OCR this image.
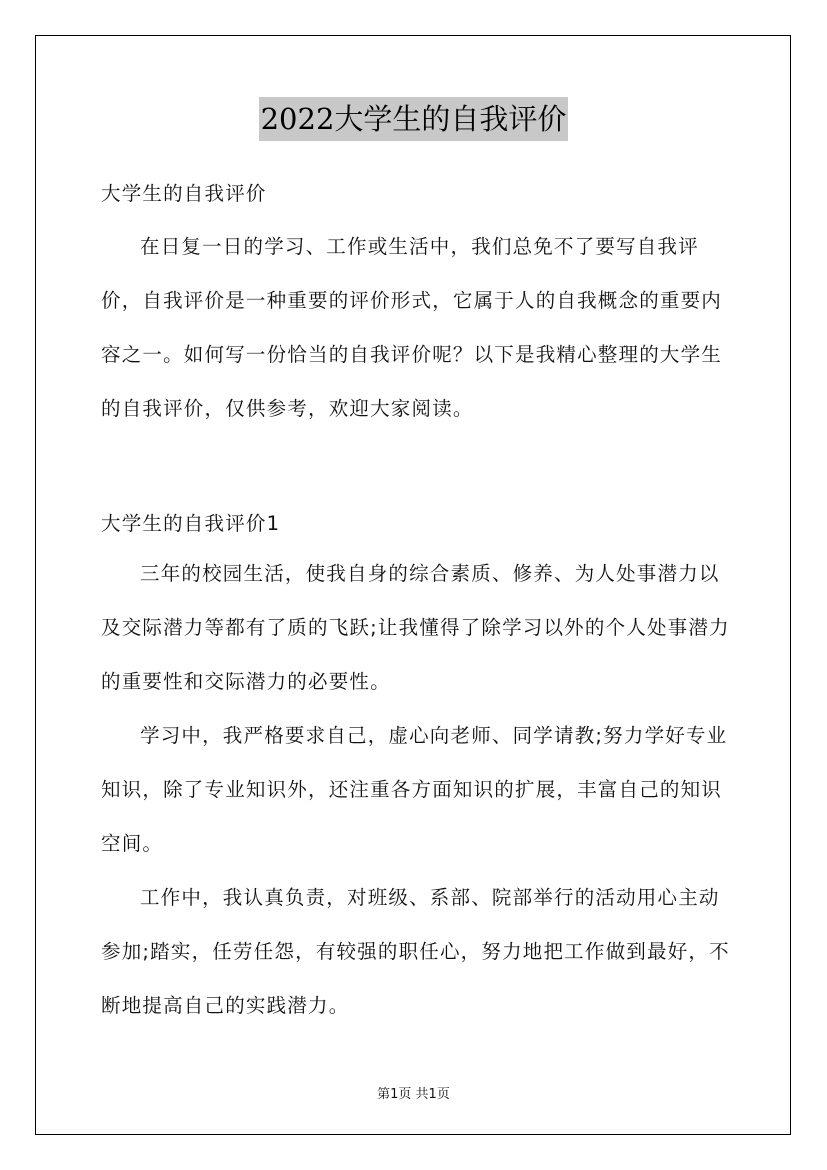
2022大学生的自我评价
大学生的自我评价

在日复一日的学习、工作或生活中，我们总免不了要写自我评价，自我评价是一种重要的评价形式，它属于人的自我概念的重要内容之一。如何写一份恰当的自我评价呢？以下是我精心整理的大学生的自我评价，仅供参考，欢迎大家阅读。

大学生的自我评价1

三年的校园生活，使我自身的综合素质、修养、为人处事潜力以及交际潜力等都有了质的飞跃;让我懂得了除学习以外的个人处事潜力的重要性和交际潜力的必要性。

学习中，我严格要求自己，虚心向老师、同学请教;努力学好专业知识，除了专业知识外，还注重各方面知识的扩展，丰富自己的知识空间。

工作中，我认真负责，对班级、系部、院部举行的活动用心主动参加;踏实，任劳任怨，有较强的职任心，努力地把工作做到最好，不断地提高自己的实践潜力。

第1页 共1页
